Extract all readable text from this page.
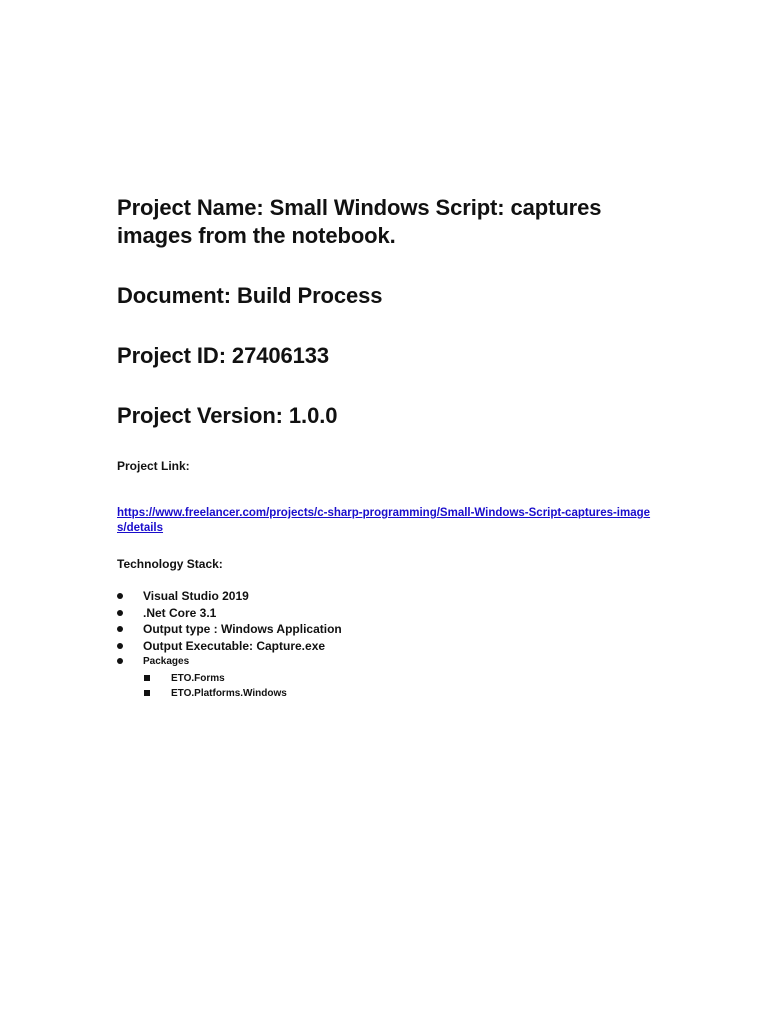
Project Name: Small Windows Script: captures

images from the notebook.

Document: Build Process

Project ID: 27406133

Project Version: 1.0.0

Project Link:

https://www.freelancer.com/projects/c-sharp-programming/Small-Windows-Script-captures-images/details

Technology Stack:

Visual Studio 2019
.Net Core 3.1
Output type : Windows Application
Output Executable: Capture.exe
Packages
ETO.Forms
ETO.Platforms.Windows
